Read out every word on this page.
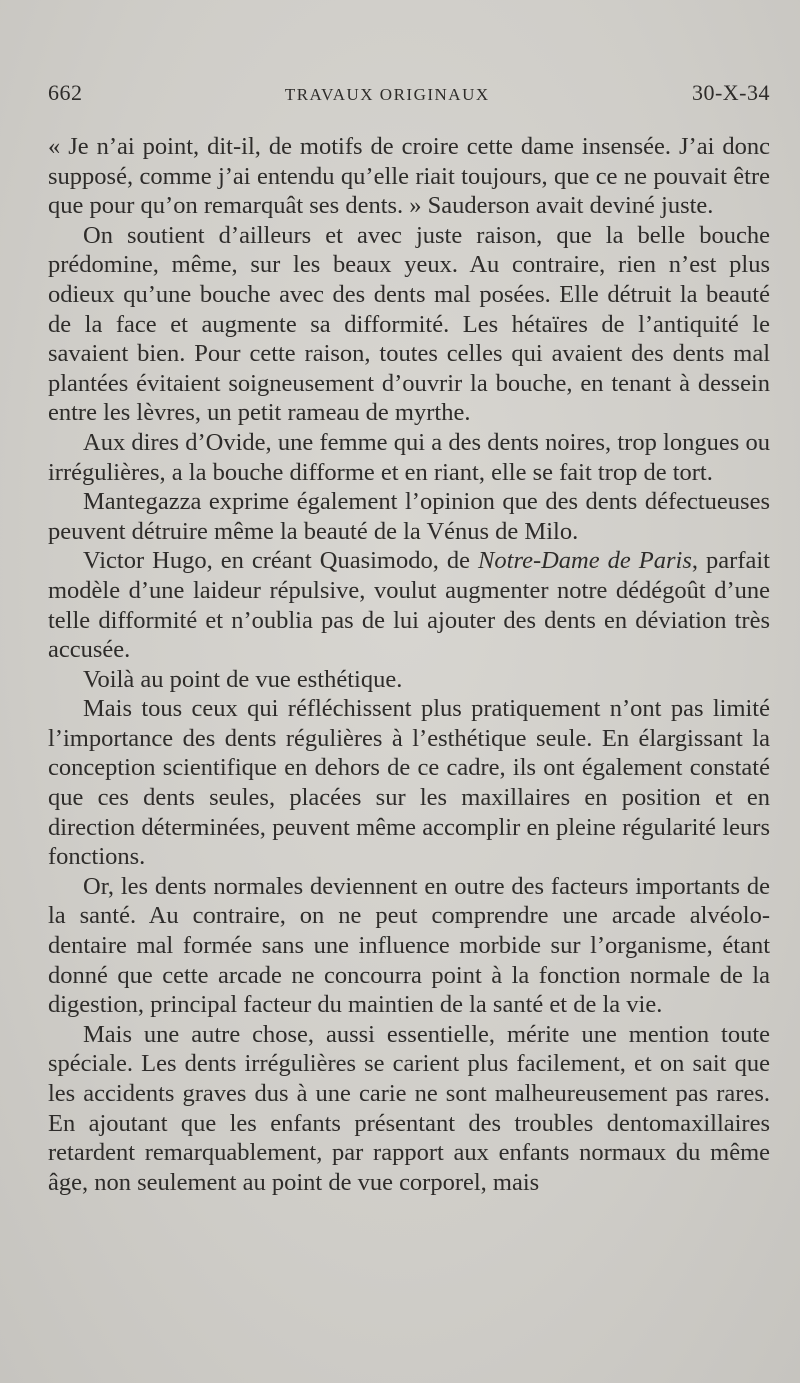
662	TRAVAUX ORIGINAUX	30-X-34

« Je n’ai point, dit-il, de motifs de croire cette dame insensée. J’ai donc supposé, comme j’ai entendu qu’elle riait toujours, que ce ne pouvait être que pour qu’on remarquât ses dents. » Sauderson avait deviné juste.

On soutient d’ailleurs et avec juste raison, que la belle bouche prédomine, même, sur les beaux yeux. Au contraire, rien n’est plus odieux qu’une bouche avec des dents mal posées. Elle détruit la beauté de la face et augmente sa difformité. Les hétaïres de l’antiquité le savaient bien. Pour cette raison, toutes celles qui avaient des dents mal plantées évitaient soigneusement d’ouvrir la bouche, en tenant à dessein entre les lèvres, un petit rameau de myrthe.

Aux dires d’Ovide, une femme qui a des dents noires, trop longues ou irrégulières, a la bouche difforme et en riant, elle se fait trop de tort.

Mantegazza exprime également l’opinion que des dents défectueuses peuvent détruire même la beauté de la Vénus de Milo.

Victor Hugo, en créant Quasimodo, de Notre-Dame de Paris, parfait modèle d’une laideur répulsive, voulut augmenter notre dédégoût d’une telle difformité et n’oublia pas de lui ajouter des dents en déviation très accusée.

Voilà au point de vue esthétique.

Mais tous ceux qui réfléchissent plus pratiquement n’ont pas limité l’importance des dents régulières à l’esthétique seule. En élargissant la conception scientifique en dehors de ce cadre, ils ont également constaté que ces dents seules, placées sur les maxillaires en position et en direction déterminées, peuvent même accomplir en pleine régularité leurs fonctions.

Or, les dents normales deviennent en outre des facteurs importants de la santé. Au contraire, on ne peut comprendre une arcade alvéolo-dentaire mal formée sans une influence morbide sur l’organisme, étant donné que cette arcade ne concourra point à la fonction normale de la digestion, principal facteur du maintien de la santé et de la vie.

Mais une autre chose, aussi essentielle, mérite une mention toute spéciale. Les dents irrégulières se carient plus facilement, et on sait que les accidents graves dus à une carie ne sont malheureusement pas rares. En ajoutant que les enfants présentant des troubles dentomaxillaires retardent remarquablement, par rapport aux enfants normaux du même âge, non seulement au point de vue corporel, mais
